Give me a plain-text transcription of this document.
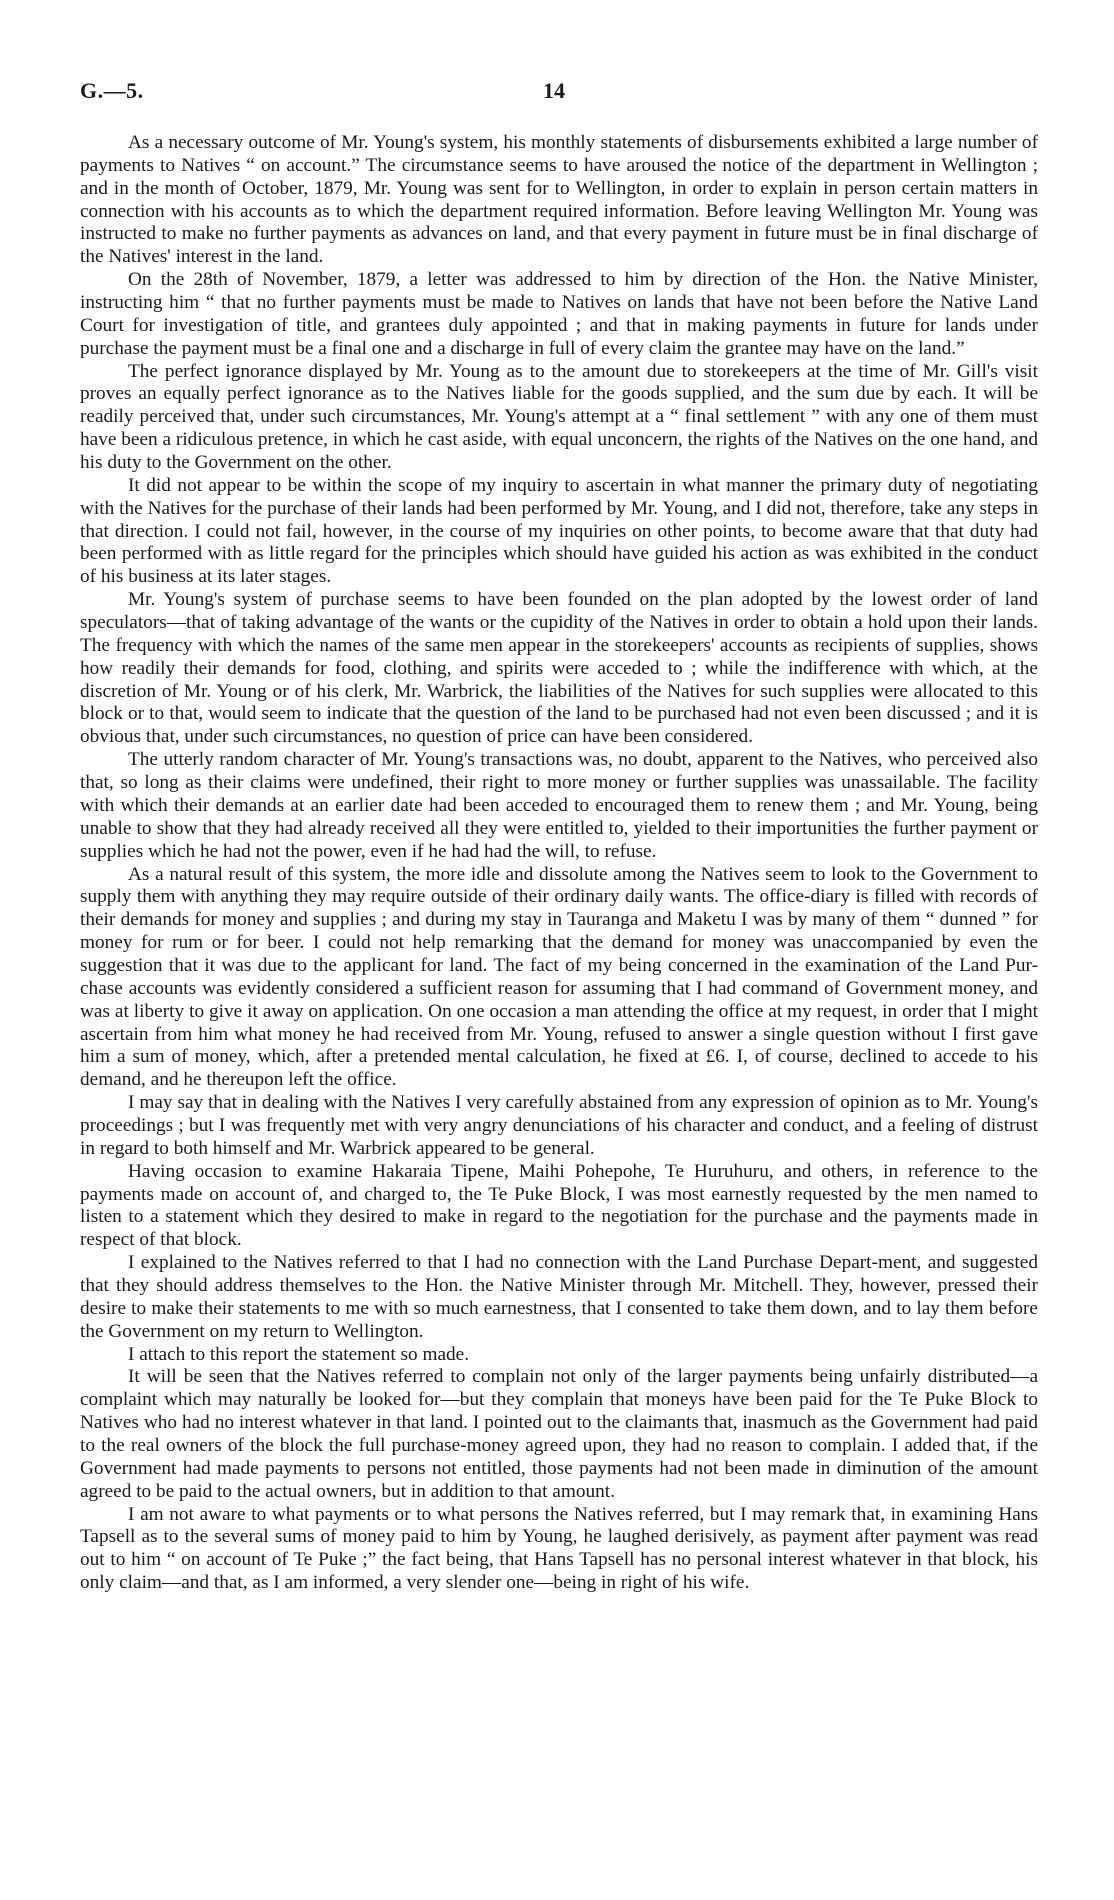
G.—5.	14

As a necessary outcome of Mr. Young's system, his monthly statements of disbursements exhibited a large number of payments to Natives “ on account.” The circumstance seems to have aroused the notice of the department in Wellington ; and in the month of October, 1879, Mr. Young was sent for to Wellington, in order to explain in person certain matters in connection with his accounts as to which the department required information. Before leaving Wellington Mr. Young was instructed to make no further payments as advances on land, and that every payment in future must be in final discharge of the Natives' interest in the land.

On the 28th of November, 1879, a letter was addressed to him by direction of the Hon. the Native Minister, instructing him “ that no further payments must be made to Natives on lands that have not been before the Native Land Court for investigation of title, and grantees duly appointed ; and that in making payments in future for lands under purchase the payment must be a final one and a discharge in full of every claim the grantee may have on the land.”

The perfect ignorance displayed by Mr. Young as to the amount due to storekeepers at the time of Mr. Gill's visit proves an equally perfect ignorance as to the Natives liable for the goods supplied, and the sum due by each. It will be readily perceived that, under such circumstances, Mr. Young's attempt at a “ final settlement ” with any one of them must have been a ridiculous pretence, in which he cast aside, with equal unconcern, the rights of the Natives on the one hand, and his duty to the Government on the other.

It did not appear to be within the scope of my inquiry to ascertain in what manner the primary duty of negotiating with the Natives for the purchase of their lands had been performed by Mr. Young, and I did not, therefore, take any steps in that direction. I could not fail, however, in the course of my inquiries on other points, to become aware that that duty had been performed with as little regard for the principles which should have guided his action as was exhibited in the conduct of his business at its later stages.

Mr. Young's system of purchase seems to have been founded on the plan adopted by the lowest order of land speculators—that of taking advantage of the wants or the cupidity of the Natives in order to obtain a hold upon their lands. The frequency with which the names of the same men appear in the storekeepers' accounts as recipients of supplies, shows how readily their demands for food, clothing, and spirits were acceded to ; while the indifference with which, at the discretion of Mr. Young or of his clerk, Mr. Warbrick, the liabilities of the Natives for such supplies were allocated to this block or to that, would seem to indicate that the question of the land to be purchased had not even been discussed ; and it is obvious that, under such circumstances, no question of price can have been considered.

The utterly random character of Mr. Young's transactions was, no doubt, apparent to the Natives, who perceived also that, so long as their claims were undefined, their right to more money or further supplies was unassailable. The facility with which their demands at an earlier date had been acceded to encouraged them to renew them ; and Mr. Young, being unable to show that they had already received all they were entitled to, yielded to their importunities the further payment or supplies which he had not the power, even if he had had the will, to refuse.

As a natural result of this system, the more idle and dissolute among the Natives seem to look to the Government to supply them with anything they may require outside of their ordinary daily wants. The office-diary is filled with records of their demands for money and supplies ; and during my stay in Tauranga and Maketu I was by many of them “ dunned ” for money for rum or for beer. I could not help remarking that the demand for money was unaccompanied by even the suggestion that it was due to the applicant for land. The fact of my being concerned in the examination of the Land Pur-chase accounts was evidently considered a sufficient reason for assuming that I had command of Government money, and was at liberty to give it away on application. On one occasion a man attending the office at my request, in order that I might ascertain from him what money he had received from Mr. Young, refused to answer a single question without I first gave him a sum of money, which, after a pretended mental calculation, he fixed at £6. I, of course, declined to accede to his demand, and he thereupon left the office.

I may say that in dealing with the Natives I very carefully abstained from any expression of opinion as to Mr. Young's proceedings ; but I was frequently met with very angry denunciations of his character and conduct, and a feeling of distrust in regard to both himself and Mr. Warbrick appeared to be general.

Having occasion to examine Hakaraia Tipene, Maihi Pohepohe, Te Huruhuru, and others, in reference to the payments made on account of, and charged to, the Te Puke Block, I was most earnestly requested by the men named to listen to a statement which they desired to make in regard to the negotiation for the purchase and the payments made in respect of that block.

I explained to the Natives referred to that I had no connection with the Land Purchase Depart-ment, and suggested that they should address themselves to the Hon. the Native Minister through Mr. Mitchell. They, however, pressed their desire to make their statements to me with so much earnestness, that I consented to take them down, and to lay them before the Government on my return to Wellington.

I attach to this report the statement so made.

It will be seen that the Natives referred to complain not only of the larger payments being unfairly distributed—a complaint which may naturally be looked for—but they complain that moneys have been paid for the Te Puke Block to Natives who had no interest whatever in that land. I pointed out to the claimants that, inasmuch as the Government had paid to the real owners of the block the full purchase-money agreed upon, they had no reason to complain. I added that, if the Government had made payments to persons not entitled, those payments had not been made in diminution of the amount agreed to be paid to the actual owners, but in addition to that amount.

I am not aware to what payments or to what persons the Natives referred, but I may remark that, in examining Hans Tapsell as to the several sums of money paid to him by Young, he laughed derisively, as payment after payment was read out to him “ on account of Te Puke ;” the fact being, that Hans Tapsell has no personal interest whatever in that block, his only claim—and that, as I am informed, a very slender one—being in right of his wife.
